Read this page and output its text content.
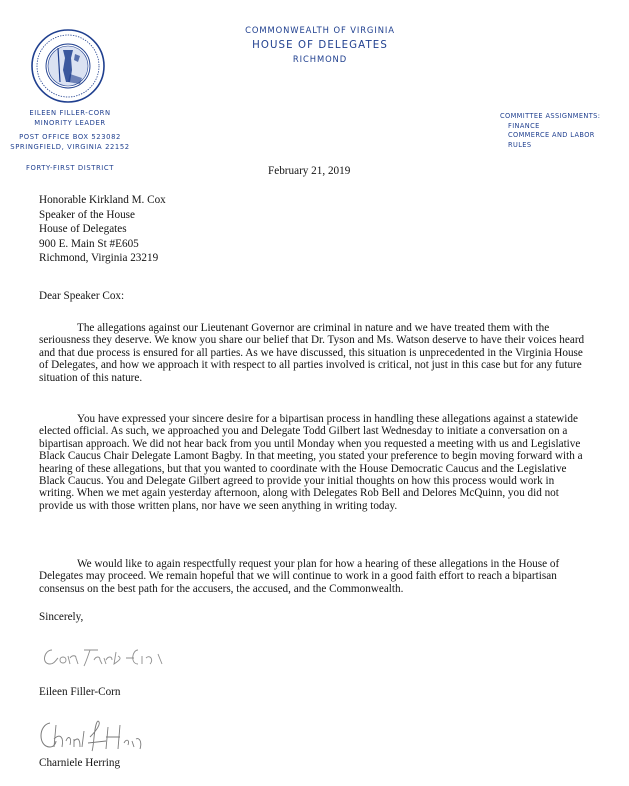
COMMONWEALTH OF VIRGINIA
HOUSE OF DELEGATES
RICHMOND
EILEEN FILLER-CORN
MINORITY LEADER
POST OFFICE BOX 523082
SPRINGFIELD, VIRGINIA 22152
FORTY-FIRST DISTRICT
COMMITTEE ASSIGNMENTS:
FINANCE
COMMERCE AND LABOR
RULES
February 21, 2019
Honorable Kirkland M. Cox
Speaker of the House
House of Delegates
900 E. Main St #E605
Richmond, Virginia 23219
Dear Speaker Cox:

The allegations against our Lieutenant Governor are criminal in nature and we have treated them with the seriousness they deserve. We know you share our belief that Dr. Tyson and Ms. Watson deserve to have their voices heard and that due process is ensured for all parties. As we have discussed, this situation is unprecedented in the Virginia House of Delegates, and how we approach it with respect to all parties involved is critical, not just in this case but for any future situation of this nature.

You have expressed your sincere desire for a bipartisan process in handling these allegations against a statewide elected official. As such, we approached you and Delegate Todd Gilbert last Wednesday to initiate a conversation on a bipartisan approach. We did not hear back from you until Monday when you requested a meeting with us and Legislative Black Caucus Chair Delegate Lamont Bagby. In that meeting, you stated your preference to begin moving forward with a hearing of these allegations, but that you wanted to coordinate with the House Democratic Caucus and the Legislative Black Caucus. You and Delegate Gilbert agreed to provide your initial thoughts on how this process would work in writing. When we met again yesterday afternoon, along with Delegates Rob Bell and Delores McQuinn, you did not provide us with those written plans, nor have we seen anything in writing today.

We would like to again respectfully request your plan for how a hearing of these allegations in the House of Delegates may proceed. We remain hopeful that we will continue to work in a good faith effort to reach a bipartisan consensus on the best path for the accusers, the accused, and the Commonwealth.

Sincerely,
Eileen Filler-Corn
Charniele Herring
